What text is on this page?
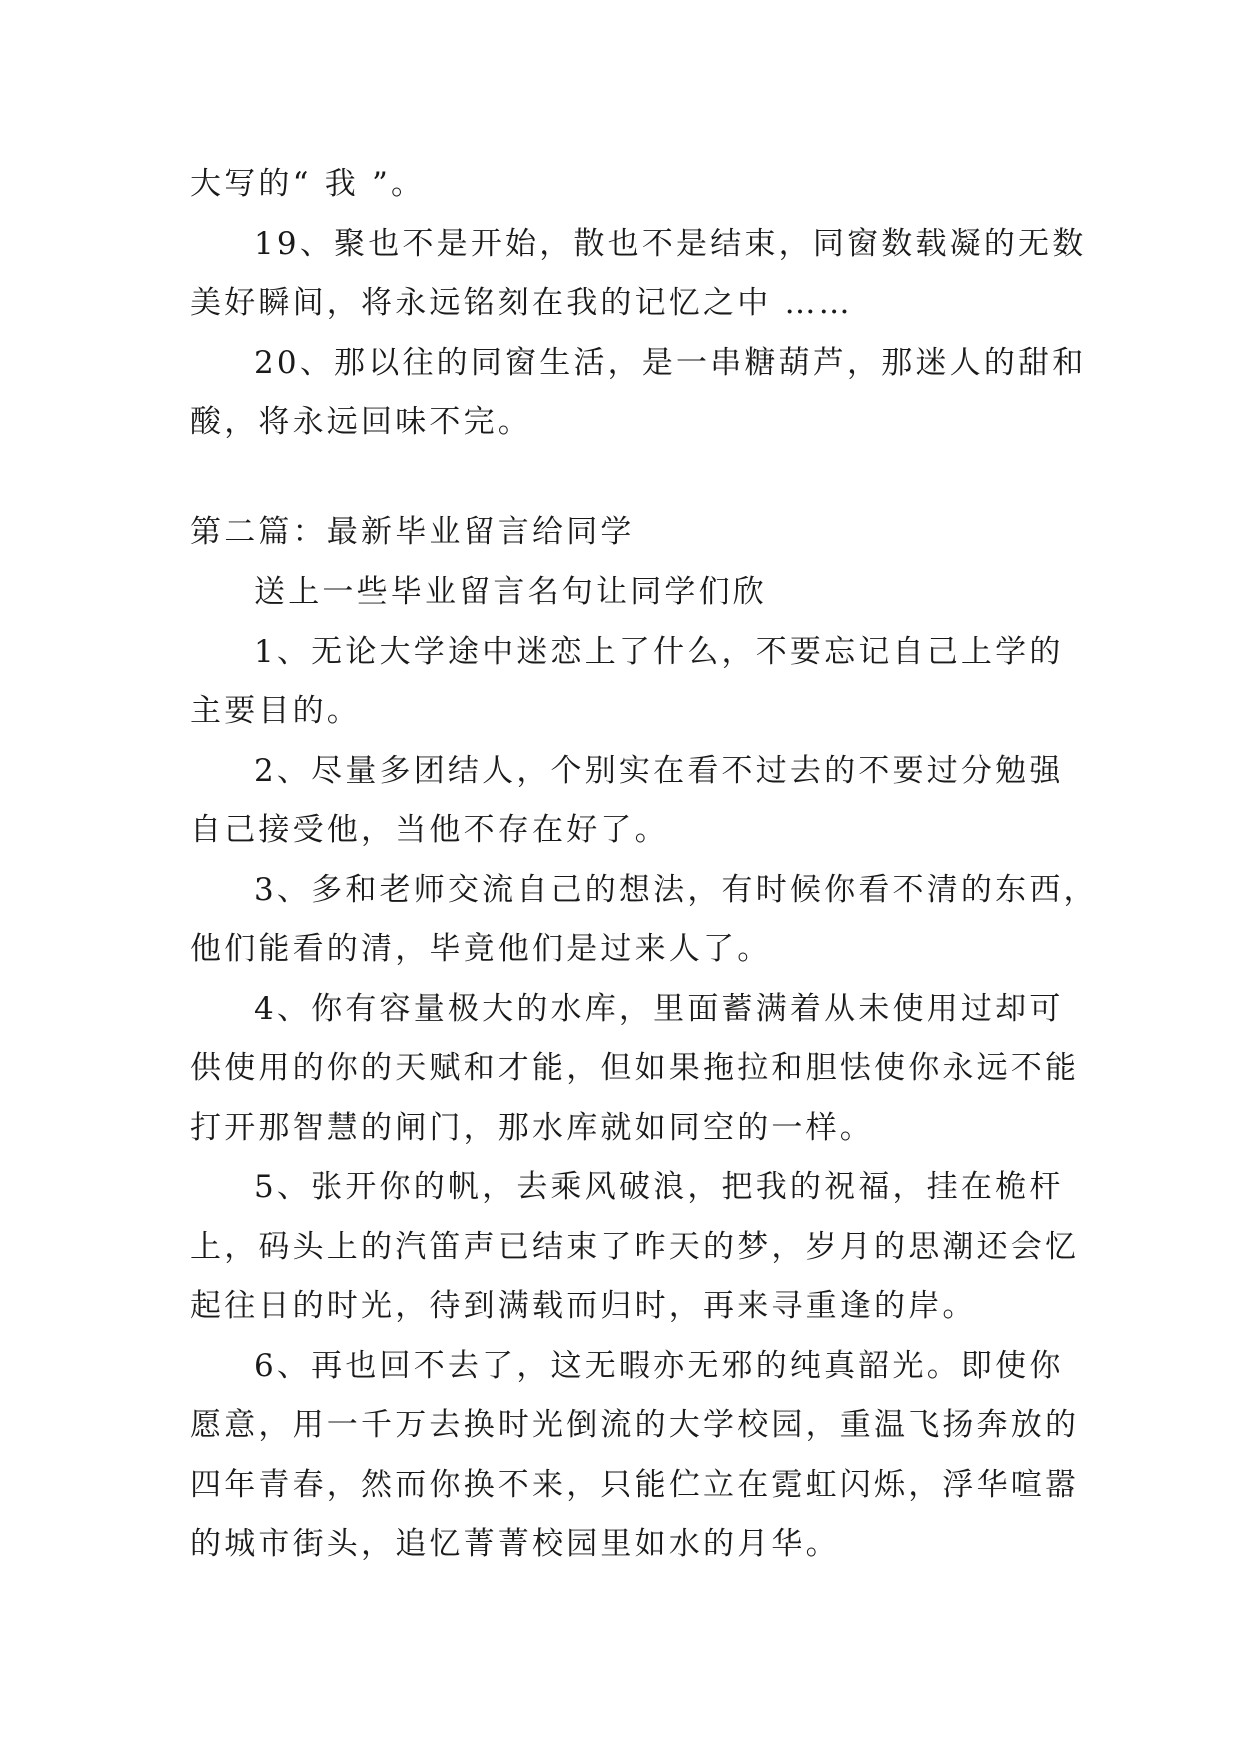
大写的“ 我 ”。
19、聚也不是开始，散也不是结束，同窗数载凝的无数
美好瞬间，将永远铭刻在我的记忆之中 ……
20、那以往的同窗生活，是一串糖葫芦，那迷人的甜和
酸，将永远回味不完。
第二篇：最新毕业留言给同学
送上一些毕业留言名句让同学们欣
1、无论大学途中迷恋上了什么，不要忘记自己上学的
主要目的。
2、尽量多团结人，个别实在看不过去的不要过分勉强
自己接受他，当他不存在好了。
3、多和老师交流自己的想法，有时候你看不清的东西，
他们能看的清，毕竟他们是过来人了。
4、你有容量极大的水库，里面蓄满着从未使用过却可
供使用的你的天赋和才能，但如果拖拉和胆怯使你永远不能
打开那智慧的闸门，那水库就如同空的一样。
5、张开你的帆，去乘风破浪，把我的祝福，挂在桅杆
上，码头上的汽笛声已结束了昨天的梦，岁月的思潮还会忆
起往日的时光，待到满载而归时，再来寻重逢的岸。
6、再也回不去了，这无暇亦无邪的纯真韶光。即使你
愿意，用一千万去换时光倒流的大学校园，重温飞扬奔放的
四年青春，然而你换不来，只能伫立在霓虹闪烁，浮华喧嚣
的城市街头，追忆菁菁校园里如水的月华。
